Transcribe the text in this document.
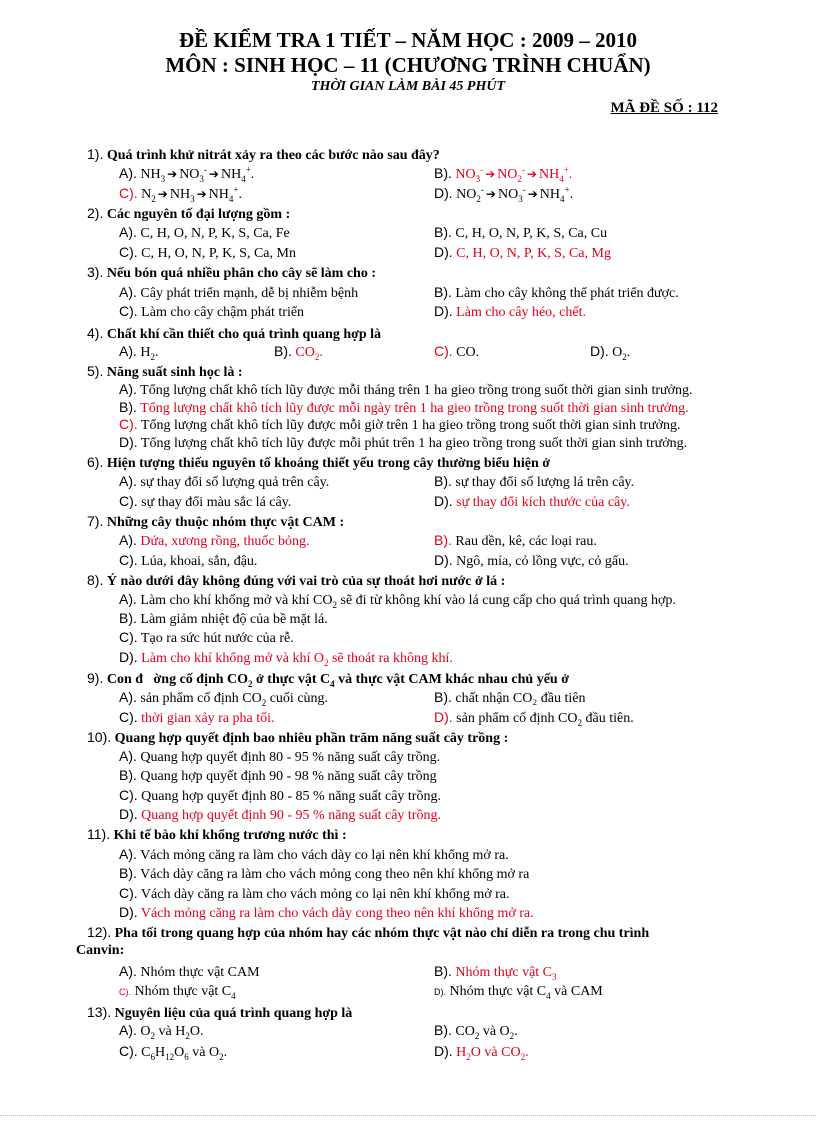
ĐỀ KIỂM TRA 1 TIẾT – NĂM HỌC : 2009 – 2010
MÔN : SINH HỌC – 11 (CHƯƠNG TRÌNH CHUẨN)
THỜI GIAN LÀM BÀI 45 PHÚT
MÃ ĐỀ SỐ : 112
1). Quá trình khử nitrát xảy ra theo các bước nào sau đây?
A). $NH_3$ ➔ $NO_3^-$ ➔ $NH_4^+$.	B). $NO_3^-$ ➔ $NO_2^-$ ➔ $NH_4^+$.
C). $N_2$ ➔ $NH_3$ ➔ $NH_4^+$.	D). $NO_2^-$ ➔ $NO_3^-$ ➔ $NH_4^+$.
2). Các nguyên tố đại lượng gồm :
A). C, H, O, N, P, K, S, Ca, Fe	B). C, H, O, N, P, K, S, Ca, Cu
C). C, H, O, N, P, K, S, Ca, Mn	D). C, H, O, N, P, K, S, Ca, Mg
3). Nếu bón quá nhiều phân cho cây sẽ làm cho :
A). Cây phát triển mạnh, dễ bị nhiễm bệnh	B). Làm cho cây không thể phát triển được.
C). Làm cho cây chậm phát triển	D). Làm cho cây héo, chết.
4). Chất khí cần thiết cho quá trình quang hợp là
A). $H_2$.	B). $CO_2$.	C). CO.	D). $O_2$.
5). Năng suất sinh học là :
A). Tổng lượng chất khô tích lũy được mỗi tháng trên 1 ha gieo trồng trong suốt thời gian sinh trưởng.
B). Tổng lượng chất khô tích lũy được mỗi ngày trên 1 ha gieo trồng trong suốt thời gian sinh trưởng.
C). Tổng lượng chất khô tích lũy được mỗi giờ trên 1 ha gieo trồng trong suốt thời gian sinh trưởng.
D). Tổng lượng chất khô tích lũy được mỗi phút trên 1 ha gieo trồng trong suốt thời gian sinh trưởng.
6). Hiện tượng thiếu nguyên tố khoáng thiết yếu trong cây thường biểu hiện ở
A). sự thay đổi số lượng quả trên cây.	B). sự thay đổi số lượng lá trên cây.
C). sự thay đổi màu sắc lá cây.	D). sự thay đổi kích thước của cây.
7). Những cây thuộc nhóm thực vật CAM :
A). Dứa, xương rồng, thuốc bỏng.	B). Rau dền, kê, các loại rau.
C). Lúa, khoai, sắn, đậu.	D). Ngô, mía, cỏ lồng vực, cỏ gấu.
8). Ý nào dưới đây không đúng với vai trò của sự thoát hơi nước ở lá :
A). Làm cho khí khổng mở và khí $CO_2$ sẽ đi từ không khí vào lá cung cấp cho quá trình quang hợp.
B). Làm giảm nhiệt độ của bề mặt lá.
C). Tạo ra sức hút nước của rễ.
D). Làm cho khí khổng mở và khí $O_2$ sẽ thoát ra không khí.
9). Con đ   ờng cố định $CO_2$ ở thực vật $C_4$ và thực vật CAM khác nhau chủ yếu ở
A). sản phẩm cố định $CO_2$ cuối cùng.	B). chất nhận CO₂ đầu tiên
C). thời gian xảy ra pha tối.	D). sản phẩm cố định $CO_2$ đầu tiên.
10). Quang hợp quyết định bao nhiêu phần trăm năng suất cây trồng :
A). Quang hợp quyết định 80 - 95 % năng suất cây trồng.
B). Quang hợp quyết định 90 - 98 % năng suất cây trồng
C). Quang hợp quyết định 80 - 85 % năng suất cây trồng.
D). Quang hợp quyết định 90 - 95 % năng suất cây trồng.
11). Khi tế bào khí khổng trương nước thì :
A). Vách mỏng căng ra làm cho vách dày co lại nên khí khổng mở ra.
B). Vách dày căng ra làm cho vách mỏng cong theo nên khí khổng mở ra
C). Vách dày căng ra làm cho vách mỏng co lại nên khí khổng mở ra.
D). Vách mỏng căng ra làm cho vách dày cong theo nên khí khổng mở ra.
12). Pha tối trong quang hợp của nhóm hay các nhóm thực vật nào chỉ diễn ra trong chu trình
Canvin:
A). Nhóm thực vật CAM	B). Nhóm thực vật $C_3$
C). Nhóm thực vật $C_4$	D). Nhóm thực vật $C_4$ và CAM
13). Nguyên liệu của quá trình quang hợp là
A). $O_2$ và $H_2O$.	B). $CO_2$ và $O_2$.
C). $C_6H_{12}O_6$ và $O_2$.	D). $H_2O$ và $CO_2$.
